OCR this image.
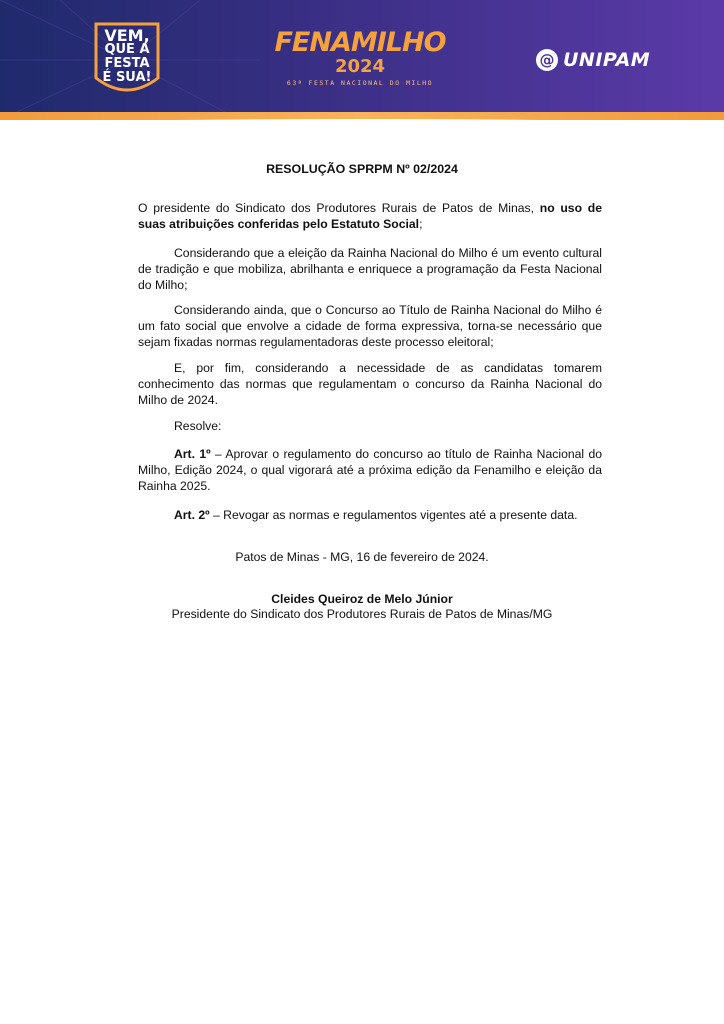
VEM,
QUE A
FESTA
É SUA!
FENAMILHO
2024
63ª FESTA NACIONAL DO MILHO
@ UNIPAM
RESOLUÇÃO SPRPM Nº 02/2024
O presidente do Sindicato dos Produtores Rurais de Patos de Minas, no uso de suas atribuições conferidas pelo Estatuto Social;
Considerando que a eleição da Rainha Nacional do Milho é um evento cultural de tradição e que mobiliza, abrilhanta e enriquece a programação da Festa Nacional do Milho;
Considerando ainda, que o Concurso ao Título de Rainha Nacional do Milho é um fato social que envolve a cidade de forma expressiva, torna-se necessário que sejam fixadas normas regulamentadoras deste processo eleitoral;
E, por fim, considerando a necessidade de as candidatas tomarem conhecimento das normas que regulamentam o concurso da Rainha Nacional do Milho de 2024.
Resolve:
Art. 1º – Aprovar o regulamento do concurso ao título de Rainha Nacional do Milho, Edição 2024, o qual vigorará até a próxima edição da Fenamilho e eleição da Rainha 2025.
Art. 2º – Revogar as normas e regulamentos vigentes até a presente data.
Patos de Minas - MG, 16 de fevereiro de 2024.
Cleides Queiroz de Melo Júnior
Presidente do Sindicato dos Produtores Rurais de Patos de Minas/MG
